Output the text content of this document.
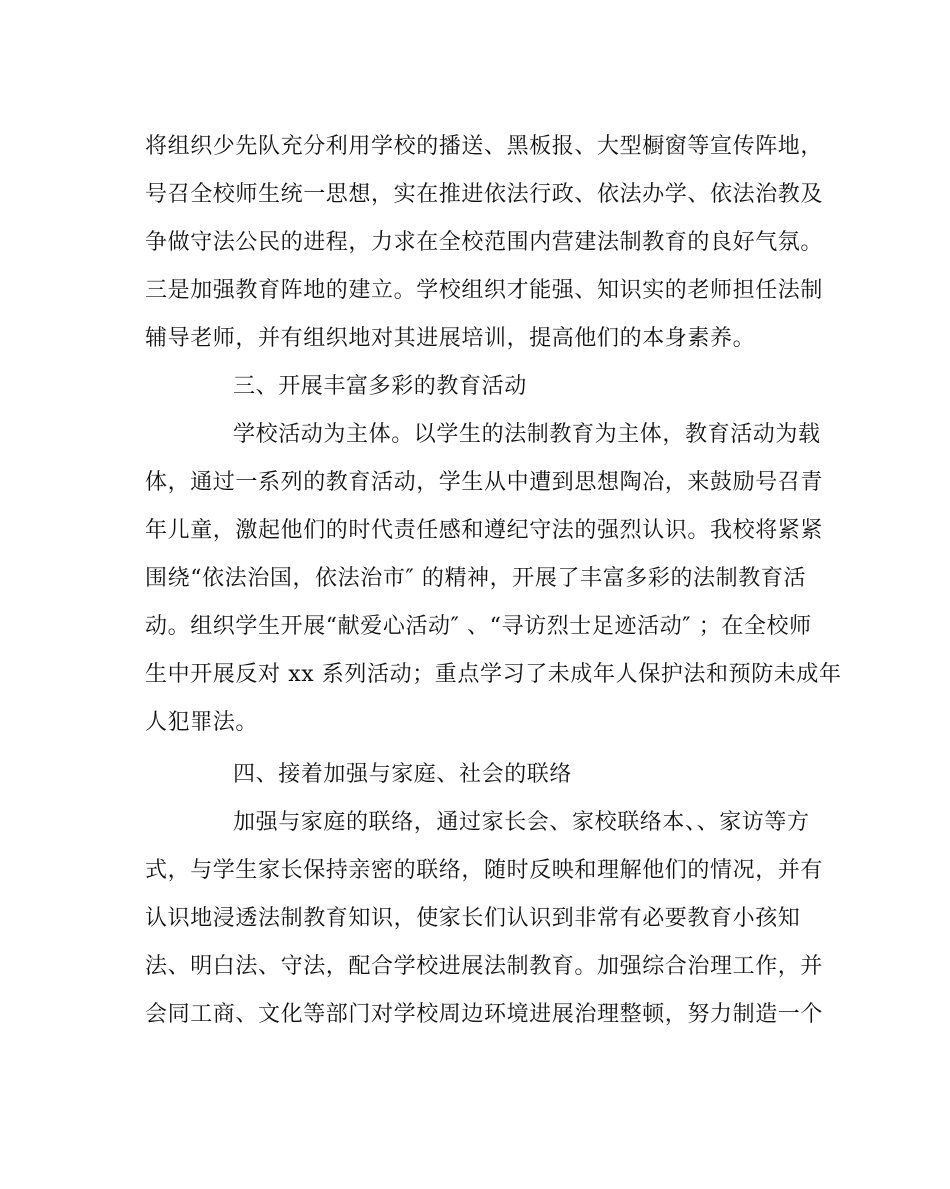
将组织少先队充分利用学校的播送、黑板报、大型橱窗等宣传阵地，
号召全校师生统一思想，实在推进依法行政、依法办学、依法治教及
争做守法公民的进程，力求在全校范围内营建法制教育的良好气氛。
三是加强教育阵地的建立。学校组织才能强、知识实的老师担任法制
辅导老师，并有组织地对其进展培训，提高他们的本身素养。
三、开展丰富多彩的教育活动
学校活动为主体。以学生的法制教育为主体，教育活动为载
体，通过一系列的教育活动，学生从中遭到思想陶冶，来鼓励号召青
年儿童，激起他们的时代责任感和遵纪守法的强烈认识。我校将紧紧
围绕“依法治国，依法治市″ 的精神，开展了丰富多彩的法制教育活
动。组织学生开展“献爱心活动″ 、“寻访烈士足迹活动″ ；在全校师
生中开展反对 xx 系列活动；重点学习了未成年人保护法和预防未成年
人犯罪法。
四、接着加强与家庭、社会的联络
加强与家庭的联络，通过家长会、家校联络本、、家访等方
式，与学生家长保持亲密的联络，随时反映和理解他们的情况，并有
认识地浸透法制教育知识，使家长们认识到非常有必要教育小孩知
法、明白法、守法，配合学校进展法制教育。加强综合治理工作，并
会同工商、文化等部门对学校周边环境进展治理整顿，努力制造一个
